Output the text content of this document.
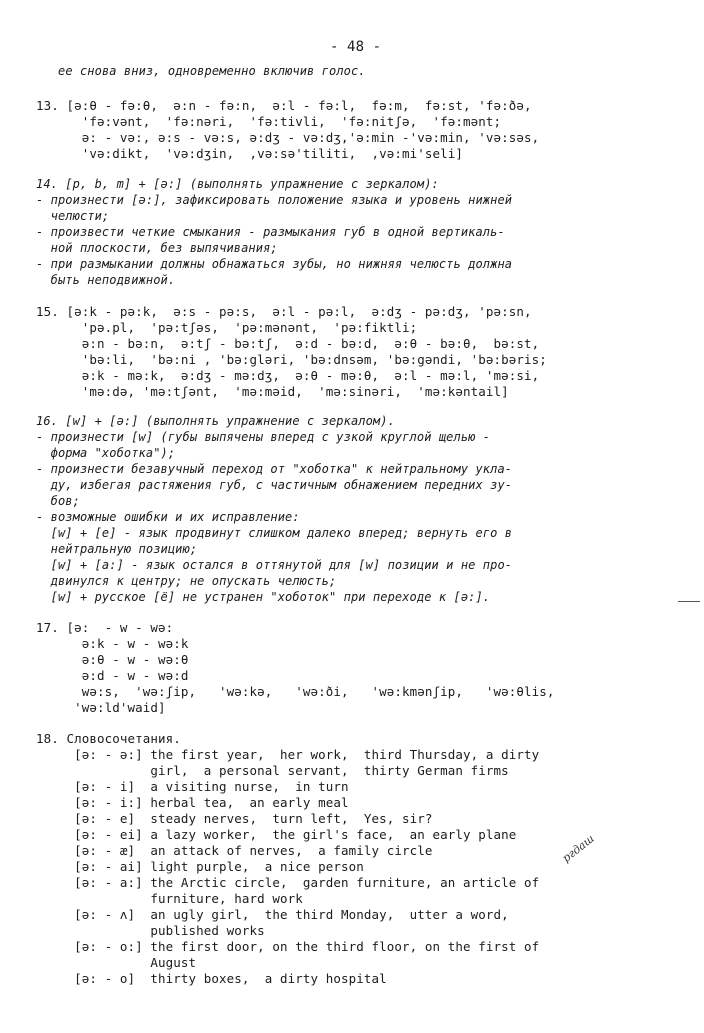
- 48 -
ее снова вниз, одновременно включив голос.
13. [ə:θ - fə:θ,  ə:n - fə:n,  ə:l - fə:l,  fə:m,  fə:st, 'fə:ðə,
'fə:vənt,  'fə:nəri,  'fə:tivli,  'fə:nitʃə,  'fə:mənt;
ə: - və:, ə:s - və:s, ə:dʒ - və:dʒ,'ə:min -'və:min, 'və:səs,
'və:dikt,  'və:dʒin,  ,və:sə'tiliti,  ,və:mi'seli]
14. [p, b, m] + [ə:] (выполнять упражнение с зеркалом):
- произнести [ə:], зафиксировать положение языка и уровень нижней
челюсти;
- произвести четкие смыкания - размыкания губ в одной вертикаль-
ной плоскости, без выпячивания;
- при размыкании должны обнажаться зубы, но нижняя челюсть должна
быть неподвижной.
15. [ə:k - pə:k,  ə:s - pə:s,  ə:l - pə:l,  ə:dʒ - pə:dʒ, 'pə:sn,
'pə.pl,  'pə:tʃəs,  'pə:mənənt,  'pə:fiktli;
ə:n - bə:n,  ə:tʃ - bə:tʃ,  ə:d - bə:d,  ə:θ - bə:θ,  bə:st,
'bə:li,  'bə:ni , 'bə:gləri, 'bə:dnsəm, 'bə:gəndi, 'bə:bəris;
ə:k - mə:k,  ə:dʒ - mə:dʒ,  ə:θ - mə:θ,  ə:l - mə:l, 'mə:si,
'mə:də, 'mə:tʃənt,  'mə:məid,  'mə:sinəri,  'mə:kəntail]
16. [w] + [ə:] (выполнять упражнение с зеркалом).
- произнести [w] (губы выпячены вперед с узкой круглой щелью -
форма "хоботка");
- произнести безавучный переход от "хоботка" к нейтральному укла-
ду, избегая растяжения губ, с частичным обнажением передних зу-
бов;
- возможные ошибки и их исправление:
[w] + [e] - язык продвинут слишком далеко вперед; вернуть его в
нейтральную позицию;
[w] + [a:] - язык остался в оттянутой для [w] позиции и не про-
двинулся к центру; не опускать челюсть;
[w] + русское [ё] не устранен "хоботок" при переходе к [ə:].
17. [ə:  - w - wə:
ə:k - w - wə:k
ə:θ - w - wə:θ
ə:d - w - wə:d
wə:s,  'wə:ʃip,   'wə:kə,   'wə:ði,   'wə:kmənʃip,   'wə:θlis,
'wə:ld'waid]
18. Словосочетания.
[ə: - ə:] the first year,  her work,  third Thursday, a dirty
girl,  a personal servant,  thirty German firms
[ə: - i]  a visiting nurse,  in turn
[ə: - i:] herbal tea,  an early meal
[ə: - e]  steady nerves,  turn left,  Yes, sir?
[ə: - ei] a lazy worker,  the girl's face,  an early plane
[ə: - æ]  an attack of nerves,  a family circle
[ə: - ai] light purple,  a nice person
[ə: - a:] the Arctic circle,  garden furniture, an article of
furniture, hard work
[ə: - ʌ]  an ugly girl,  the third Monday,  utter a word,
published works
[ə: - o:] the first door, on the third floor, on the first of
August
[ə: - o]  thirty boxes,  a dirty hospital
ргдаш
